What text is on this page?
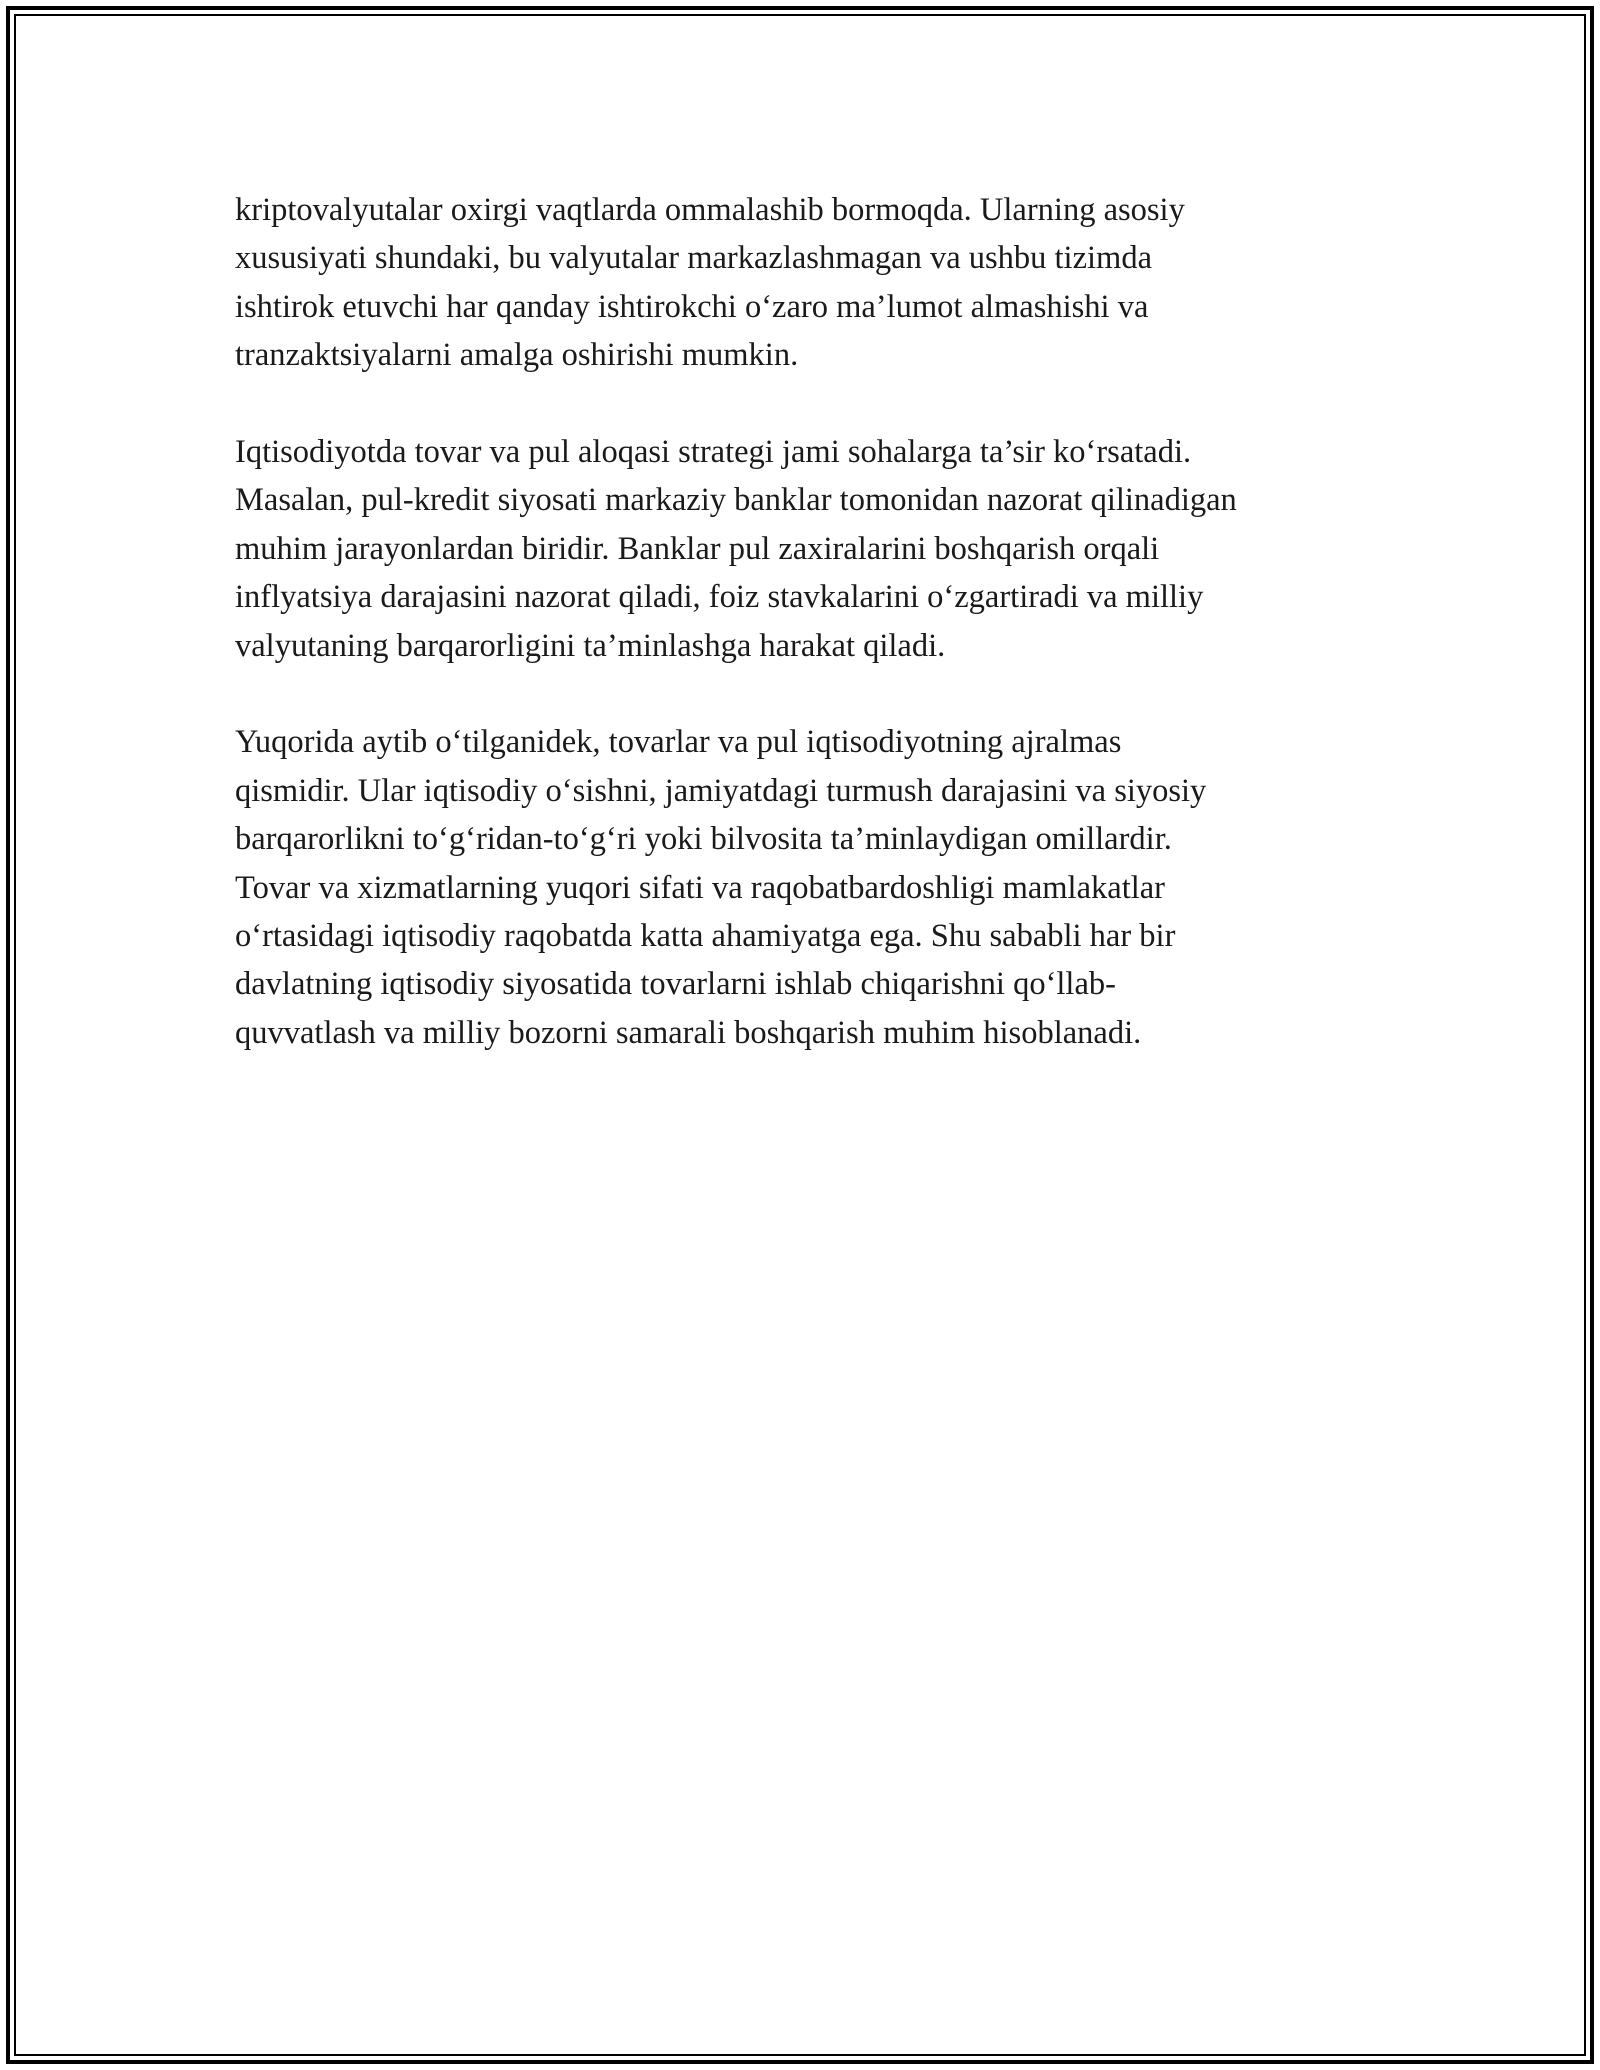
kriptovalyutalar oxirgi vaqtlarda ommalashib bormoqda. Ularning asosiy
xususiyati shundaki, bu valyutalar markazlashmagan va ushbu tizimda
ishtirok etuvchi har qanday ishtirokchi o‘zaro ma’lumot almashishi va
tranzaktsiyalarni amalga oshirishi mumkin.

Iqtisodiyotda tovar va pul aloqasi strategi jami sohalarga ta’sir ko‘rsatadi.
Masalan, pul-kredit siyosati markaziy banklar tomonidan nazorat qilinadigan
muhim jarayonlardan biridir. Banklar pul zaxiralarini boshqarish orqali
inflyatsiya darajasini nazorat qiladi, foiz stavkalarini o‘zgartiradi va milliy
valyutaning barqarorligini ta’minlashga harakat qiladi.

Yuqorida aytib o‘tilganidek, tovarlar va pul iqtisodiyotning ajralmas
qismidir. Ular iqtisodiy o‘sishni, jamiyatdagi turmush darajasini va siyosiy
barqarorlikni to‘g‘ridan-to‘g‘ri yoki bilvosita ta’minlaydigan omillardir.
Tovar va xizmatlarning yuqori sifati va raqobatbardoshligi mamlakatlar
o‘rtasidagi iqtisodiy raqobatda katta ahamiyatga ega. Shu sababli har bir
davlatning iqtisodiy siyosatida tovarlarni ishlab chiqarishni qo‘llab-
quvvatlash va milliy bozorni samarali boshqarish muhim hisoblanadi.
